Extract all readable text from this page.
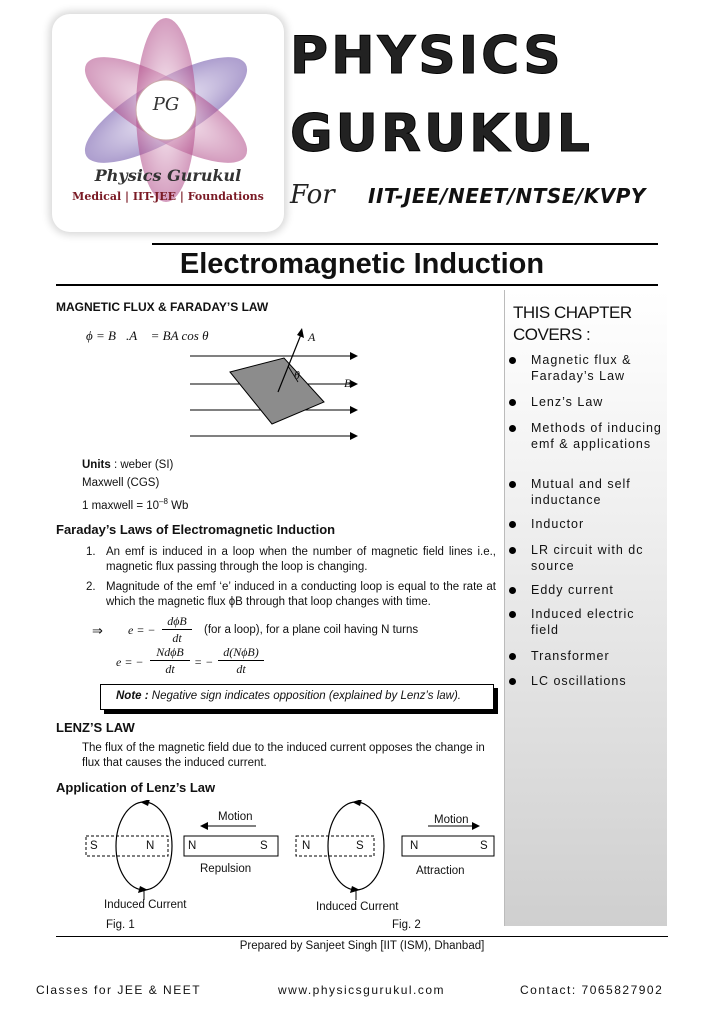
PG
Physics Gurukul
Medical | IIT-JEE | Foundations
PHYSICS
GURUKUL
For IIT-JEE/NEET/NTSE/KVPY
Electromagnetic Induction
THIS CHAPTER
COVERS :
Magnetic flux & Faraday’s Law
Lenz’s Law
Methods of inducing emf & applications
Mutual and self inductance
Inductor
LR circuit with dc source
Eddy current
Induced electric field
Transformer
LC oscillations
MAGNETIC FLUX & FARADAY’S LAW
ϕ = B⃗.A⃗ = BA cos θ	A⃗
θ
B⃗
Units : weber (SI)
Maxwell (CGS)
1 maxwell = $10^{-8}$ Wb
Faraday’s Laws of Electromagnetic Induction
1. An emf is induced in a loop when the number of magnetic field lines i.e., magnetic flux passing through the loop is changing.
2. Magnitude of the emf ‘e’ induced in a conducting loop is equal to the rate at which the magnetic flux ϕB through that loop changes with time.
⇒ e = −
dϕB
dt
(for a loop), for a plane coil having N turns
e = −
NdϕB
dt	= −
d(NϕB)
dt
Note : Negative sign indicates opposition (explained by Lenz’s law).
LENZ’S LAW
The flux of the magnetic field due to the induced current opposes the change in flux that causes the induced current.
Application of Lenz’s Law
Motion
S	N	N	S
Repulsion
Induced Current
Fig. 1
Motion
N	S	N	S
Attraction
Induced Current
Fig. 2
Prepared by Sanjeet Singh [IIT (ISM), Dhanbad]
Classes for JEE & NEET	www.physicsgurukul.com	Contact: 7065827902
